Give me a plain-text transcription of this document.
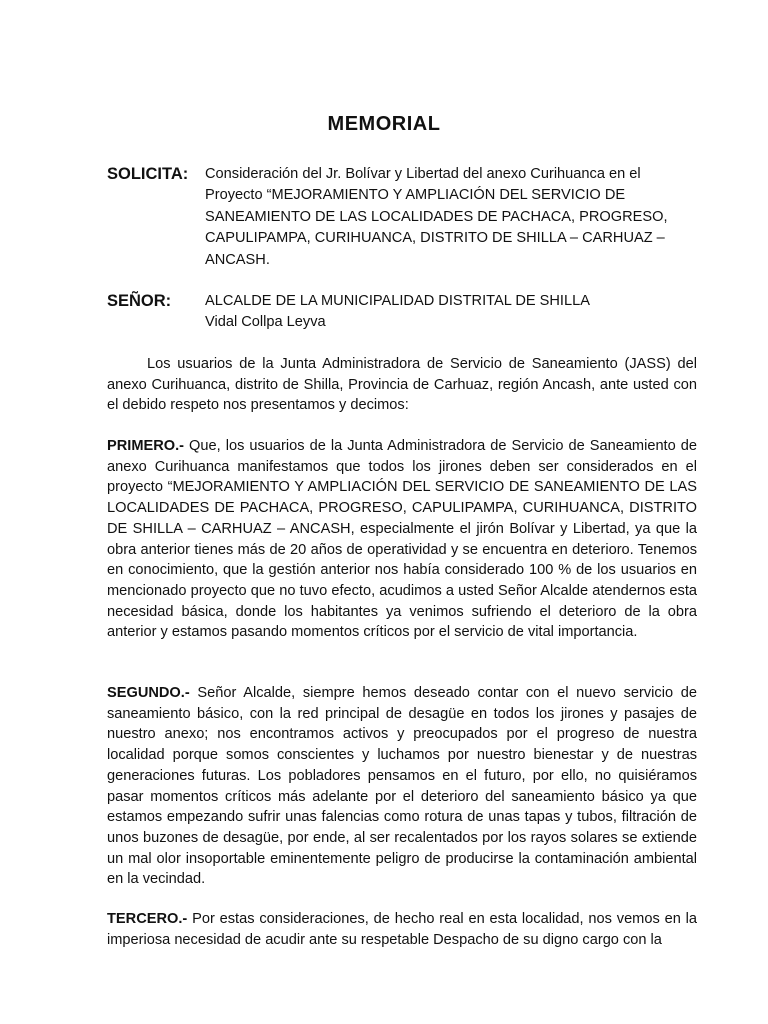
MEMORIAL
SOLICITA: Consideración del Jr. Bolívar y Libertad del anexo Curihuanca en el
Proyecto “MEJORAMIENTO Y AMPLIACIÓN DEL SERVICIO DE
SANEAMIENTO DE LAS LOCALIDADES DE PACHACA, PROGRESO,
CAPULIPAMPA, CURIHUANCA, DISTRITO DE SHILLA – CARHUAZ –
ANCASH.
SEÑOR: ALCALDE DE LA MUNICIPALIDAD DISTRITAL DE SHILLA
Vidal Collpa Leyva

Los usuarios de la Junta Administradora de Servicio de Saneamiento (JASS) del anexo Curihuanca, distrito de Shilla, Provincia de Carhuaz, región Ancash, ante usted con el debido respeto nos presentamos y decimos:

PRIMERO.- Que, los usuarios de la Junta Administradora de Servicio de Saneamiento de anexo Curihuanca manifestamos que todos los jirones deben ser considerados en el proyecto “MEJORAMIENTO Y AMPLIACIÓN DEL SERVICIO DE SANEAMIENTO DE LAS LOCALIDADES DE PACHACA, PROGRESO, CAPULIPAMPA, CURIHUANCA, DISTRITO DE SHILLA – CARHUAZ – ANCASH, especialmente el jirón Bolívar y Libertad, ya que la obra anterior tienes más de 20 años de operatividad y se encuentra en deterioro. Tenemos en conocimiento, que la gestión anterior nos había considerado 100 % de los usuarios en mencionado proyecto que no tuvo efecto, acudimos a usted Señor Alcalde atendernos esta necesidad básica, donde los habitantes ya venimos sufriendo el deterioro de la obra anterior y estamos pasando momentos críticos por el servicio de vital importancia.

SEGUNDO.- Señor Alcalde, siempre hemos deseado contar con el nuevo servicio de saneamiento básico, con la red principal de desagüe en todos los jirones y pasajes de nuestro anexo; nos encontramos activos y preocupados por el progreso de nuestra localidad porque somos conscientes y luchamos por nuestro bienestar y de nuestras generaciones futuras. Los pobladores pensamos en el futuro, por ello, no quisiéramos pasar momentos críticos más adelante por el deterioro del saneamiento básico ya que estamos empezando sufrir unas falencias como rotura de unas tapas y tubos, filtración de unos buzones de desagüe, por ende, al ser recalentados por los rayos solares se extiende un mal olor insoportable eminentemente peligro de producirse la contaminación ambiental en la vecindad.

TERCERO.- Por estas consideraciones, de hecho real en esta localidad, nos vemos en la imperiosa necesidad de acudir ante su respetable Despacho de su digno cargo con la
